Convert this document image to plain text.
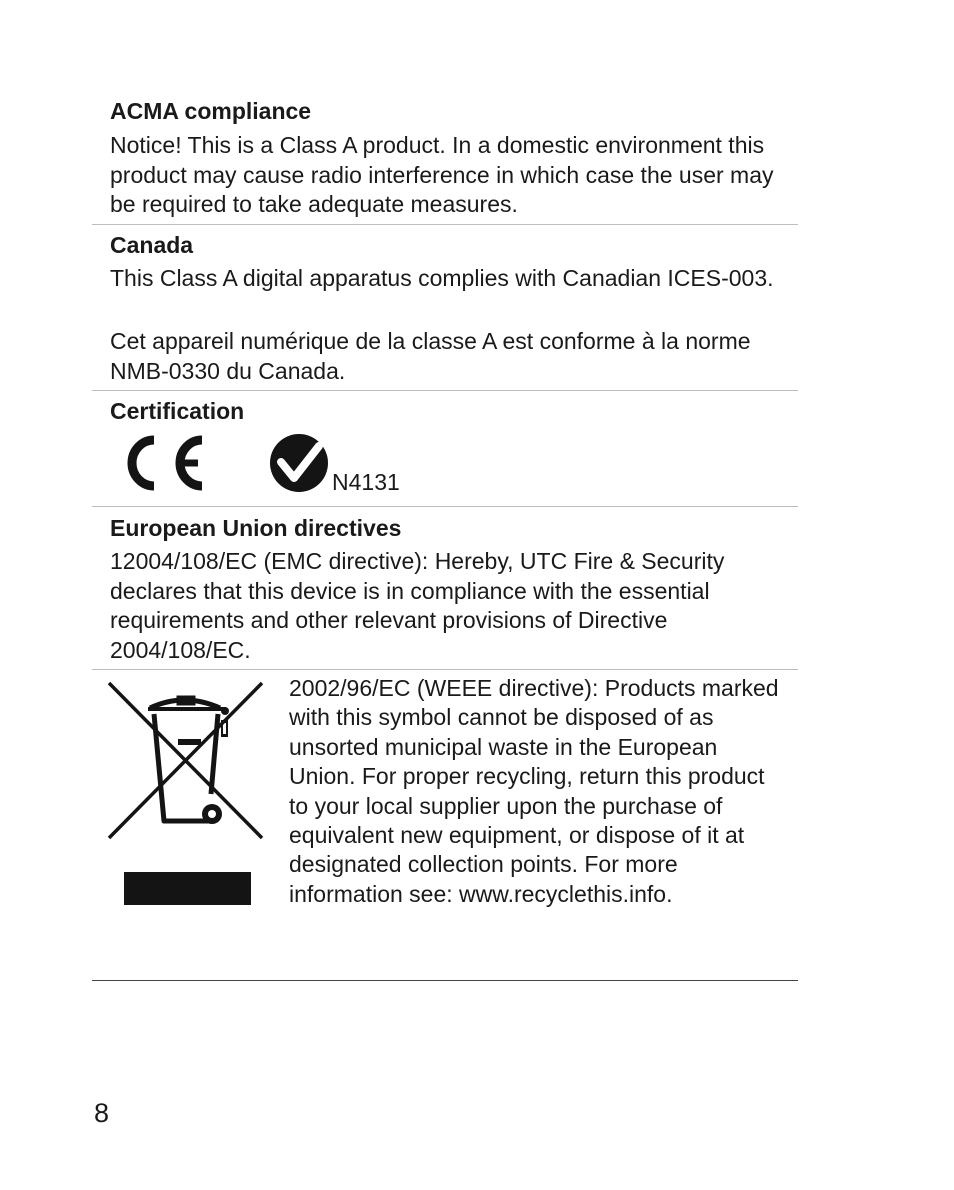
ACMA compliance

Notice! This is a Class A product. In a domestic environment this product may cause radio interference in which case the user may be required to take adequate measures.

Canada

This Class A digital apparatus complies with Canadian ICES-003.

Cet appareil numérique de la classe A est conforme à la norme NMB-0330 du Canada.

Certification
N4131
European Union directives

12004/108/EC (EMC directive): Hereby, UTC Fire & Security declares that this device is in compliance with the essential requirements and other relevant provisions of Directive 2004/108/EC.

2002/96/EC (WEEE directive): Products marked with this symbol cannot be disposed of as unsorted municipal waste in the European Union. For proper recycling, return this product to your local supplier upon the purchase of equivalent new equipment, or dispose of it at designated collection points. For more information see: www.recyclethis.info.

8
